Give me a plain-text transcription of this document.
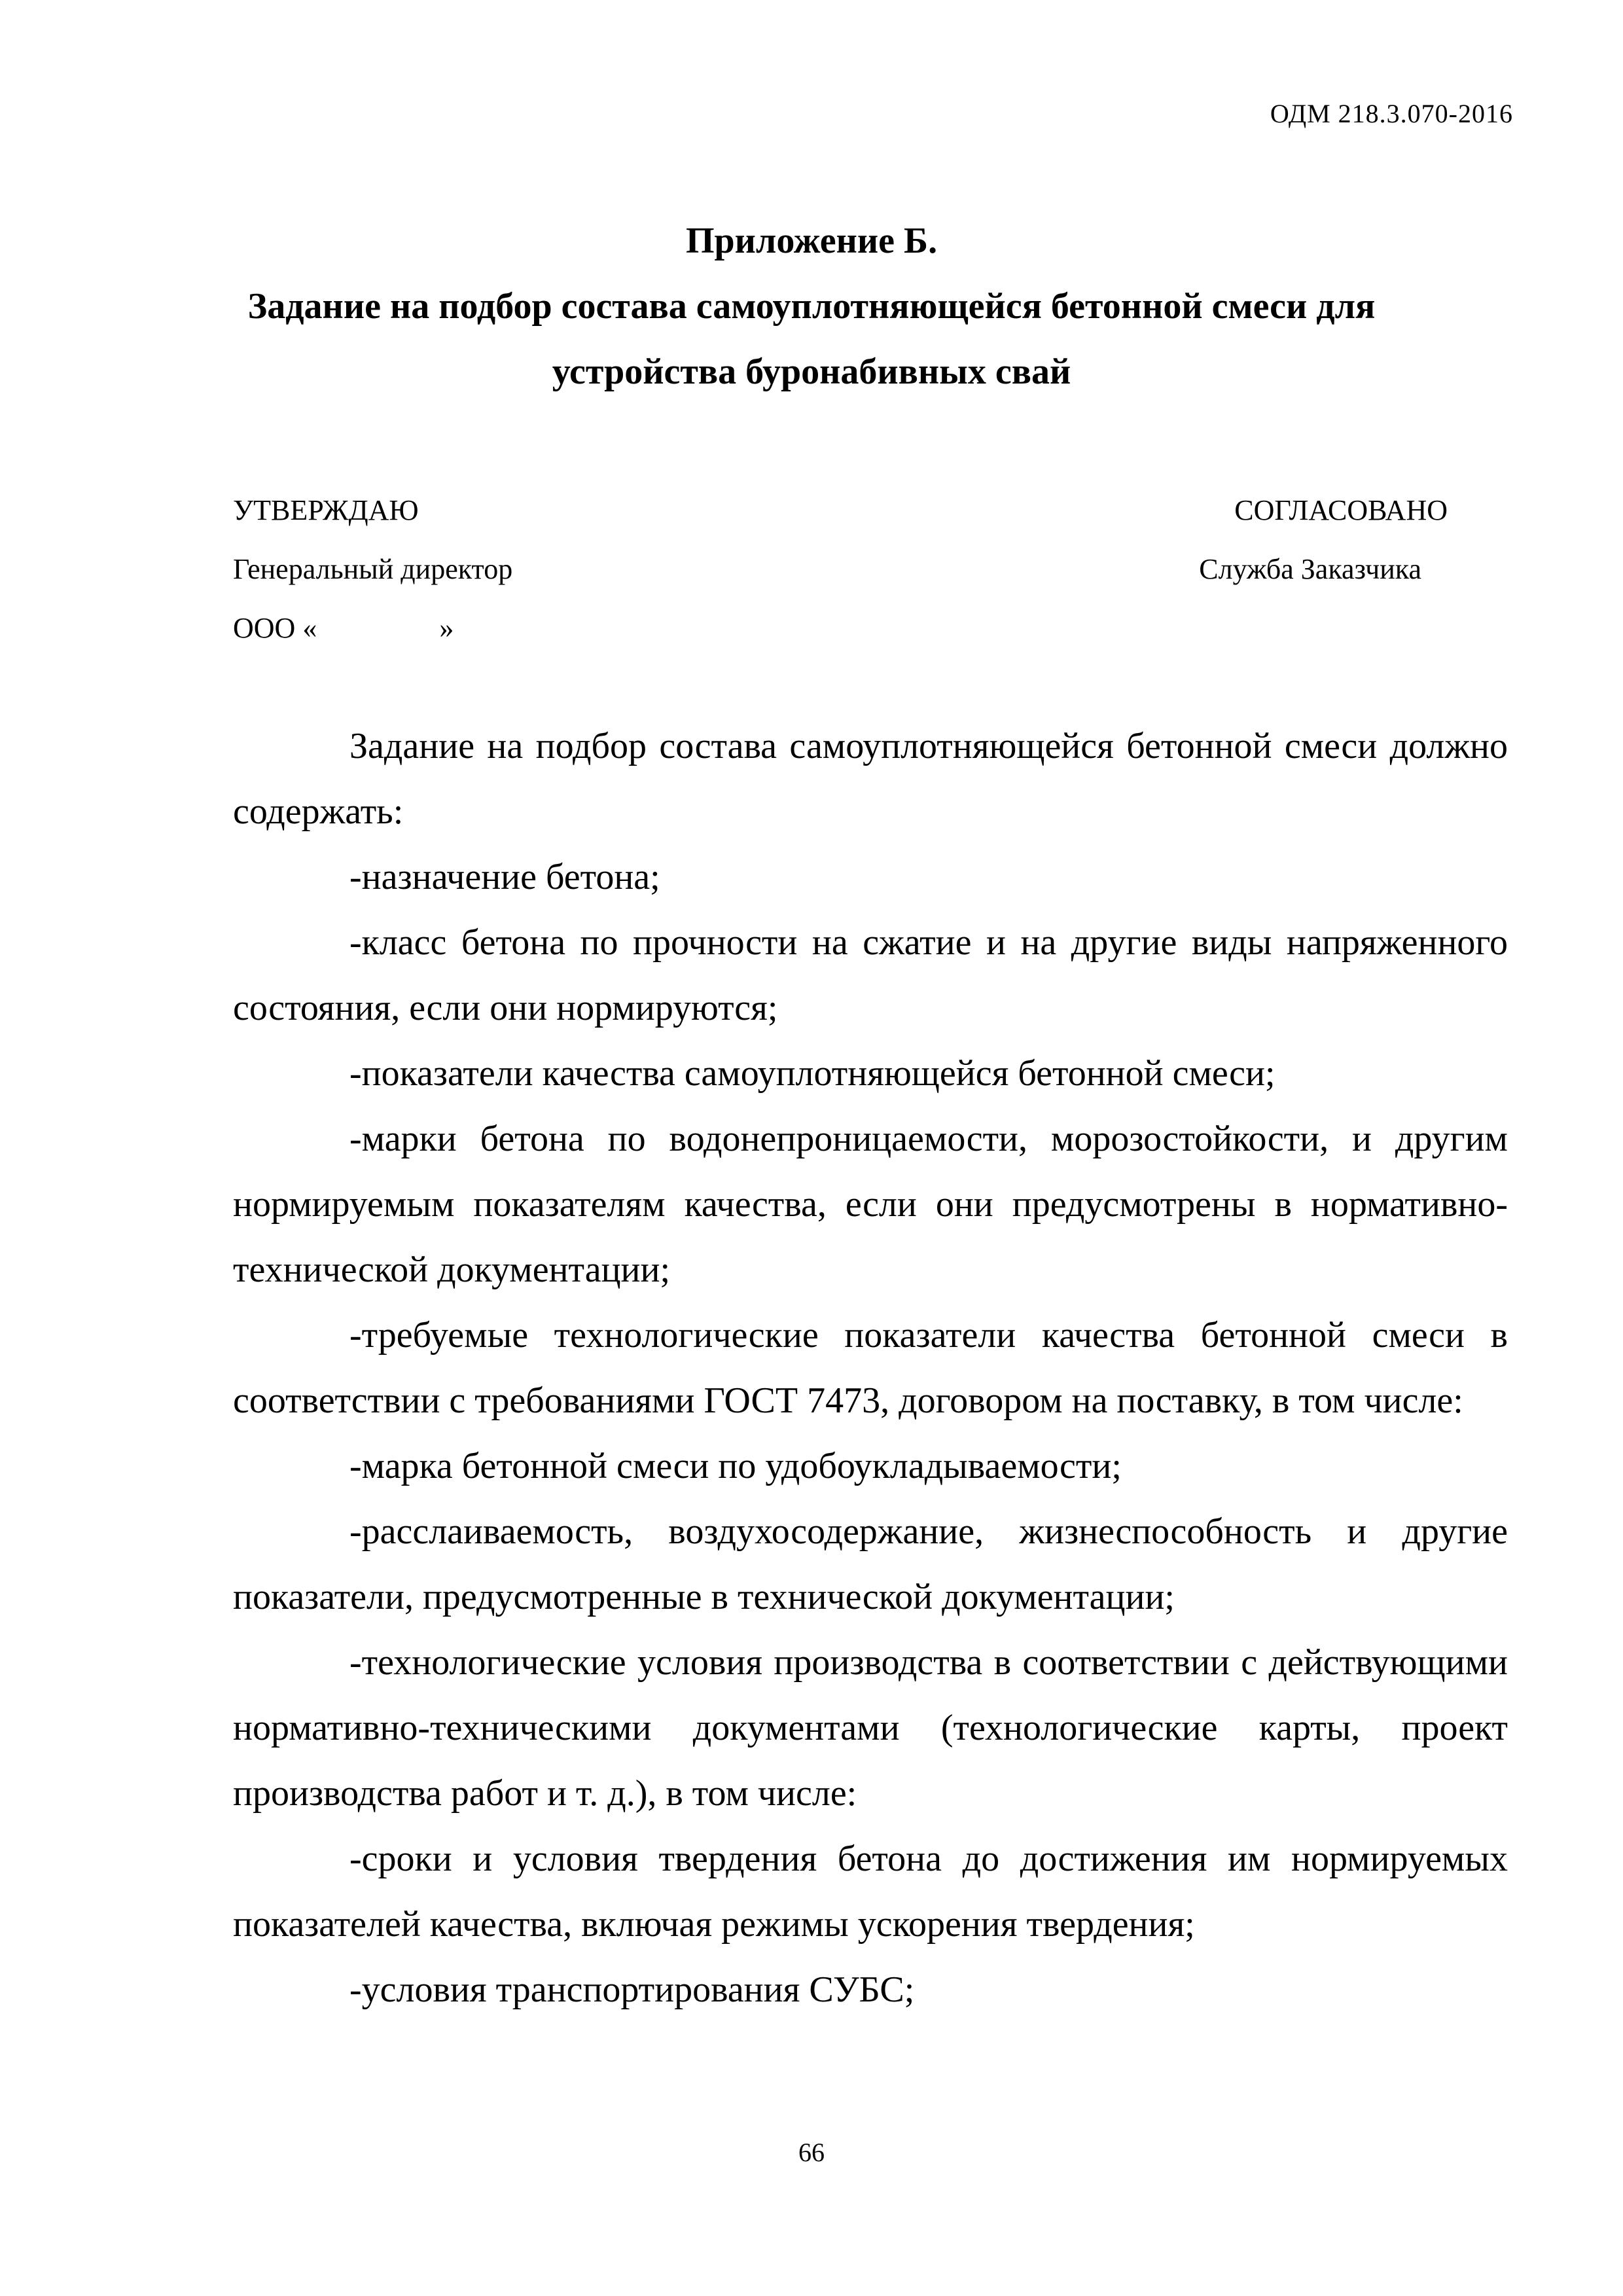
ОДМ 218.3.070-2016
Приложение Б.
Задание на подбор состава самоуплотняющейся бетонной смеси для
устройства буронабивных свай
УТВЕРЖДАЮ
Генеральный директор
ООО «                 »
СОГЛАСОВАНО
Служба Заказчика

Задание на подбор состава самоуплотняющейся бетонной смеси должно содержать:

-назначение бетона;

-класс бетона по прочности на сжатие и на другие виды напряженного состояния, если они нормируются;

-показатели качества самоуплотняющейся бетонной смеси;

-марки бетона по водонепроницаемости, морозостойкости, и другим нормируемым показателям качества, если они предусмотрены в нормативно-технической документации;

-требуемые технологические показатели качества бетонной смеси в соответствии с требованиями ГОСТ 7473, договором на поставку, в том числе:

-марка бетонной смеси по удобоукладываемости;

-расслаиваемость, воздухосодержание, жизнеспособность и другие показатели, предусмотренные в технической документации;

-технологические условия производства в соответствии с действующими нормативно-техническими документами (технологические карты, проект производства работ и т. д.), в том числе:

-сроки и условия твердения бетона до достижения им нормируемых показателей качества, включая режимы ускорения твердения;

-условия транспортирования СУБС;

66
